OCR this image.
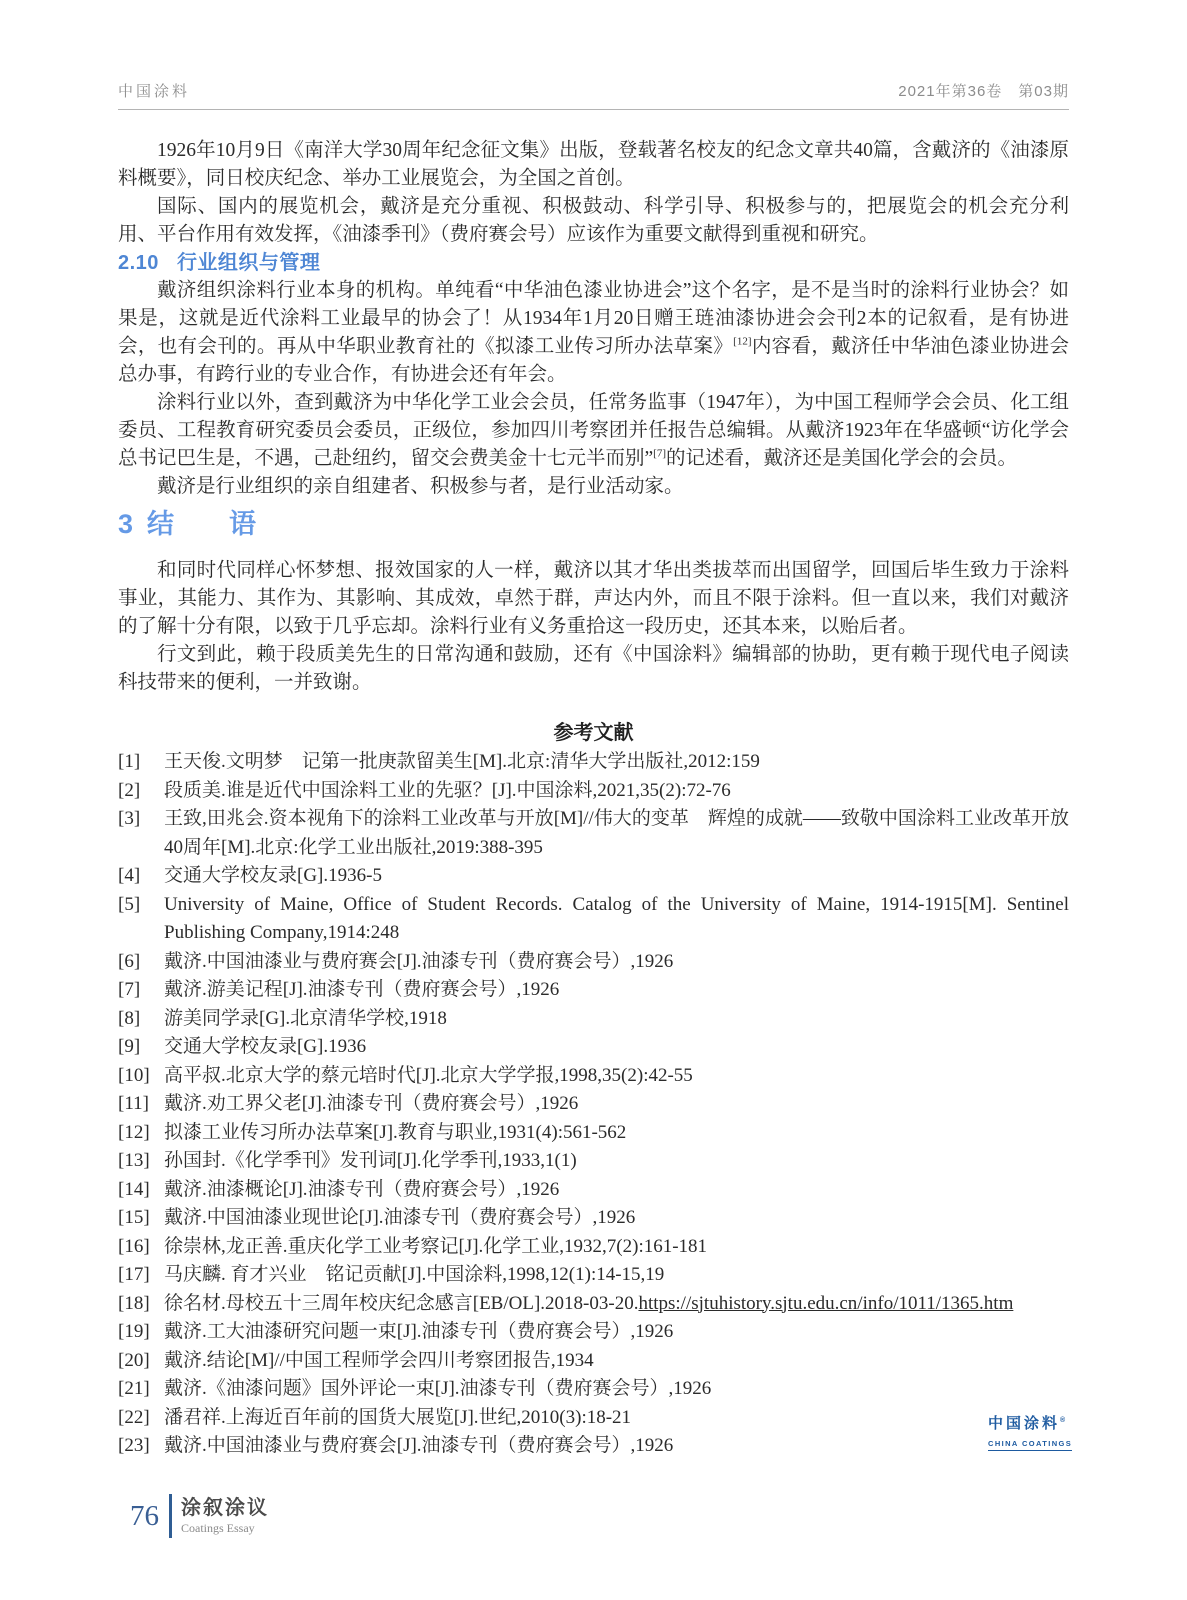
中国涂料	2021年第36卷　第03期

1926年10月9日《南洋大学30周年纪念征文集》出版，登载著名校友的纪念文章共40篇，含戴济的《油漆原料概要》，同日校庆纪念、举办工业展览会，为全国之首创。

国际、国内的展览机会，戴济是充分重视、积极鼓动、科学引导、积极参与的，把展览会的机会充分利用、平台作用有效发挥，《油漆季刊》（费府赛会号）应该作为重要文献得到重视和研究。

2.10 行业组织与管理

戴济组织涂料行业本身的机构。单纯看“中华油色漆业协进会”这个名字，是不是当时的涂料行业协会？如果是，这就是近代涂料工业最早的协会了！从1934年1月20日赠王琏油漆协进会会刊2本的记叙看，是有协进会，也有会刊的。再从中华职业教育社的《拟漆工业传习所办法草案》[12]内容看，戴济任中华油色漆业协进会总办事，有跨行业的专业合作，有协进会还有年会。

涂料行业以外，查到戴济为中华化学工业会会员，任常务监事（1947年），为中国工程师学会会员、化工组委员、工程教育研究委员会委员，正级位，参加四川考察团并任报告总编辑。从戴济1923年在华盛顿“访化学会总书记巴生是，不遇，己赴纽约，留交会费美金十七元半而别”[7]的记述看，戴济还是美国化学会的会员。

戴济是行业组织的亲自组建者、积极参与者，是行业活动家。

3 结　语

和同时代同样心怀梦想、报效国家的人一样，戴济以其才华出类拔萃而出国留学，回国后毕生致力于涂料事业，其能力、其作为、其影响、其成效，卓然于群，声达内外，而且不限于涂料。但一直以来，我们对戴济的了解十分有限，以致于几乎忘却。涂料行业有义务重拾这一段历史，还其本来，以贻后者。

行文到此，赖于段质美先生的日常沟通和鼓励，还有《中国涂料》编辑部的协助，更有赖于现代电子阅读科技带来的便利，一并致谢。

参考文献
[1]	王天俊.文明梦　记第一批庚款留美生[M].北京:清华大学出版社,2012:159
[2]	段质美.谁是近代中国涂料工业的先驱？[J].中国涂料,2021,35(2):72-76
[3]	王致,田兆会.资本视角下的涂料工业改革与开放[M]//伟大的变革　辉煌的成就——致敬中国涂料工业改革开放40周年[M].北京:化学工业出版社,2019:388-395
[4]	交通大学校友录[G].1936-5
[5]	University of Maine, Office of Student Records. Catalog of the University of Maine, 1914-1915[M]. Sentinel Publishing Company,1914:248
[6]	戴济.中国油漆业与费府赛会[J].油漆专刊（费府赛会号）,1926
[7]	戴济.游美记程[J].油漆专刊（费府赛会号）,1926
[8]	游美同学录[G].北京清华学校,1918
[9]	交通大学校友录[G].1936
[10] 高平叔.北京大学的蔡元培时代[J].北京大学学报,1998,35(2):42-55
[11] 戴济.劝工界父老[J].油漆专刊（费府赛会号）,1926
[12] 拟漆工业传习所办法草案[J].教育与职业,1931(4):561-562
[13] 孙国封.《化学季刊》发刊词[J].化学季刊,1933,1(1)
[14] 戴济.油漆概论[J].油漆专刊（费府赛会号）,1926
[15] 戴济.中国油漆业现世论[J].油漆专刊（费府赛会号）,1926
[16] 徐崇林,龙正善.重庆化学工业考察记[J].化学工业,1932,7(2):161-181
[17] 马庆麟. 育才兴业　铭记贡献[J].中国涂料,1998,12(1):14-15,19
[18] 徐名材.母校五十三周年校庆纪念感言[EB/OL].2018-03-20.https://sjtuhistory.sjtu.edu.cn/info/1011/1365.htm
[19] 戴济.工大油漆研究问题一束[J].油漆专刊（费府赛会号）,1926
[20] 戴济.结论[M]//中国工程师学会四川考察团报告,1934
[21] 戴济.《油漆问题》国外评论一束[J].油漆专刊（费府赛会号）,1926
[22] 潘君祥.上海近百年前的国货大展览[J].世纪,2010(3):18-21
[23] 戴济.中国油漆业与费府赛会[J].油漆专刊（费府赛会号）,1926
中国涂料®
CHINA COATINGS
76	涂叙涂议
Coatings Essay
